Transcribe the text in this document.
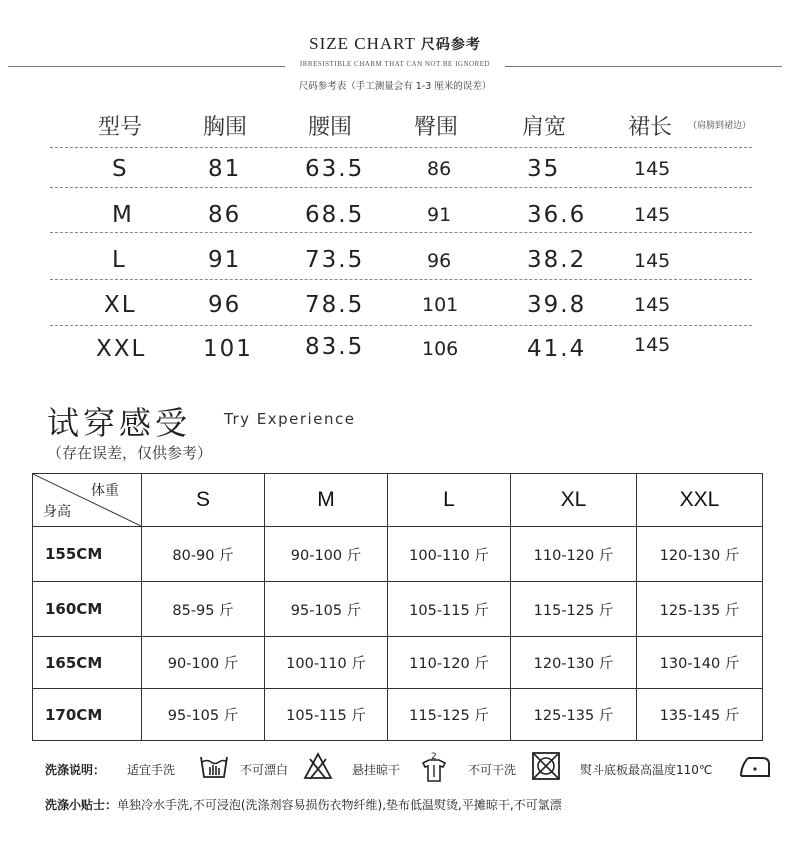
SIZE CHART 尺码参考
IRRESISTIBLE CHARM THAT CAN NOT BE IGNORED
尺码参考表（手工测量会有 1-3 厘米的误差）
型号	胸围	腰围	臀围	肩宽	裙长 （肩膀到裙边）
S	81	63.5	86	35	145
M	86	68.5	91	36.6	145
L	91	73.5	96	38.2	145
XL	96	78.5	101	39.8	145
XXL 101 83.5	106	41.4	145
试穿感受 Try Experience
（存在误差，仅供参考）
体重
身高	S	M	L	XL	XXL
155CM	80-90 斤	90-100 斤	100-110 斤	110-120 斤	120-130 斤
160CM	85-95 斤	95-105 斤	105-115 斤	115-125 斤	125-135 斤
165CM	90-100 斤	100-110 斤	110-120 斤	120-130 斤	130-140 斤
170CM	95-105 斤	105-115 斤	115-125 斤	125-135 斤	135-145 斤
洗涤说明： 适宜手洗	不可漂白	悬挂晾干
2
不可干洗	熨斗底板最高温度110℃
洗涤小贴士：单独冷水手洗,不可浸泡(洗涤剂容易损伤衣物纤维),垫布低温熨烫,平摊晾干,不可氯漂
